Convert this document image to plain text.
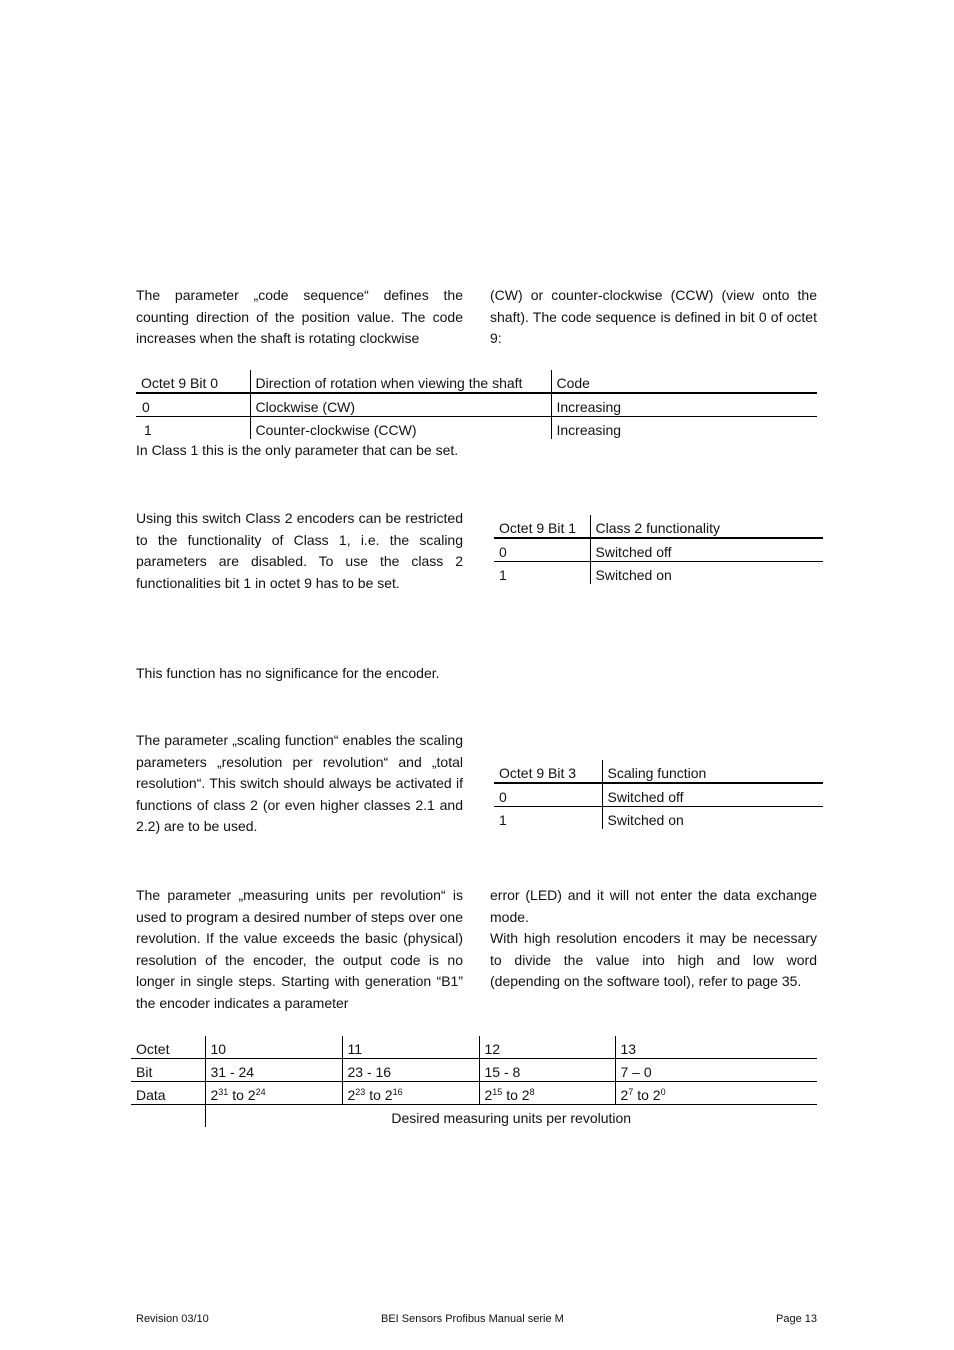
The parameter „code sequence“ defines the counting direction of the position value. The code increases when the shaft is rotating clockwise

(CW) or counter-clockwise (CCW) (view onto the shaft). The code sequence is defined in bit 0 of octet 9:

Octet 9 Bit 0	Direction of rotation when viewing the shaft	Code
0	Clockwise (CW)	Increasing
1	Counter-clockwise (CCW)	Increasing

In Class 1 this is the only parameter that can be set.

Using this switch Class 2 encoders can be restricted to the functionality of Class 1, i.e. the scaling parameters are disabled. To use the class 2 functionalities bit 1 in octet 9 has to be set.

Octet 9 Bit 1	Class 2 functionality
0	Switched off
1	Switched on

This function has no significance for the encoder.

The parameter „scaling function“ enables the scaling parameters „resolution per revolution“ and „total resolution“. This switch should always be activated if functions of class 2 (or even higher classes 2.1 and 2.2) are to be used.

Octet 9 Bit 3	Scaling function
0	Switched off
1	Switched on

The parameter „measuring units per revolution“ is used to program a desired number of steps over one revolution. If the value exceeds the basic (physical) resolution of the encoder, the output code is no longer in single steps. Starting with generation “B1” the encoder indicates a parameter

error (LED) and it will not enter the data exchange mode.

With high resolution encoders it may be necessary to divide the value into high and low word (depending on the software tool), refer to page 35.

Octet	10	11	12	13
Bit	31 - 24	23 - 16	15 - 8	7 – 0
Data	$2^{31}$ to $2^{24}$	$2^{23}$ to $2^{16}$	$2^{15}$ to $2^8$	$2^7$ to $2^0$
	Desired measuring units per revolution			
Revision 03/10	BEI Sensors Profibus Manual serie M	Page 13
